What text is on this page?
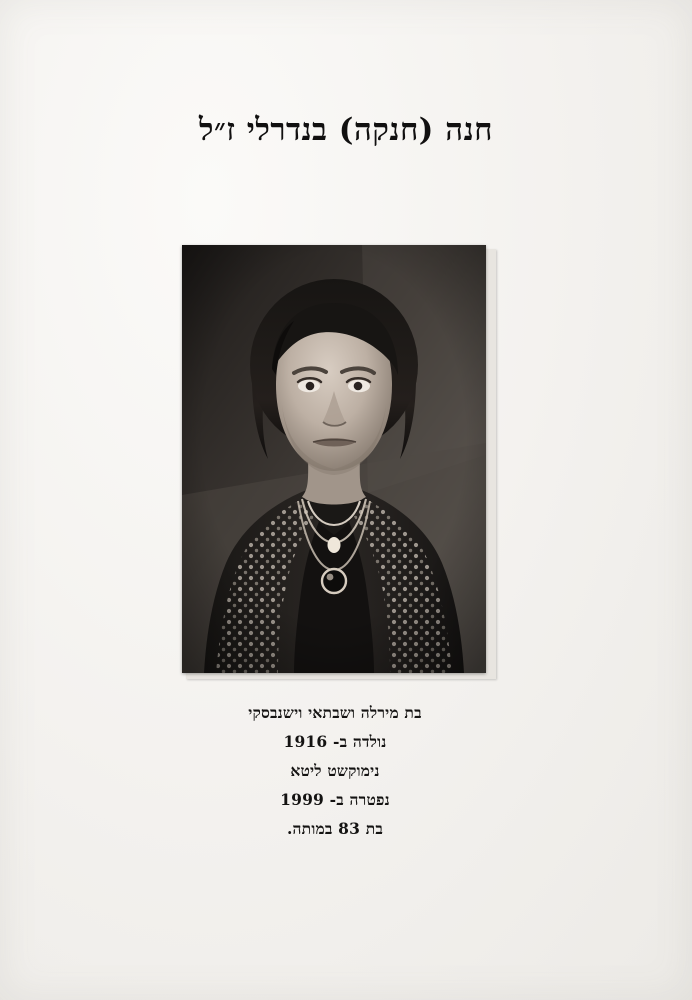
חנה (חנקה) בנדרלי ז״ל
בת מירלה ושבתאי וישנבסקי
נולדה ב- 1916
נימוקשט ליטא
נפטרה ב- 1999
בת 83 במותה.
